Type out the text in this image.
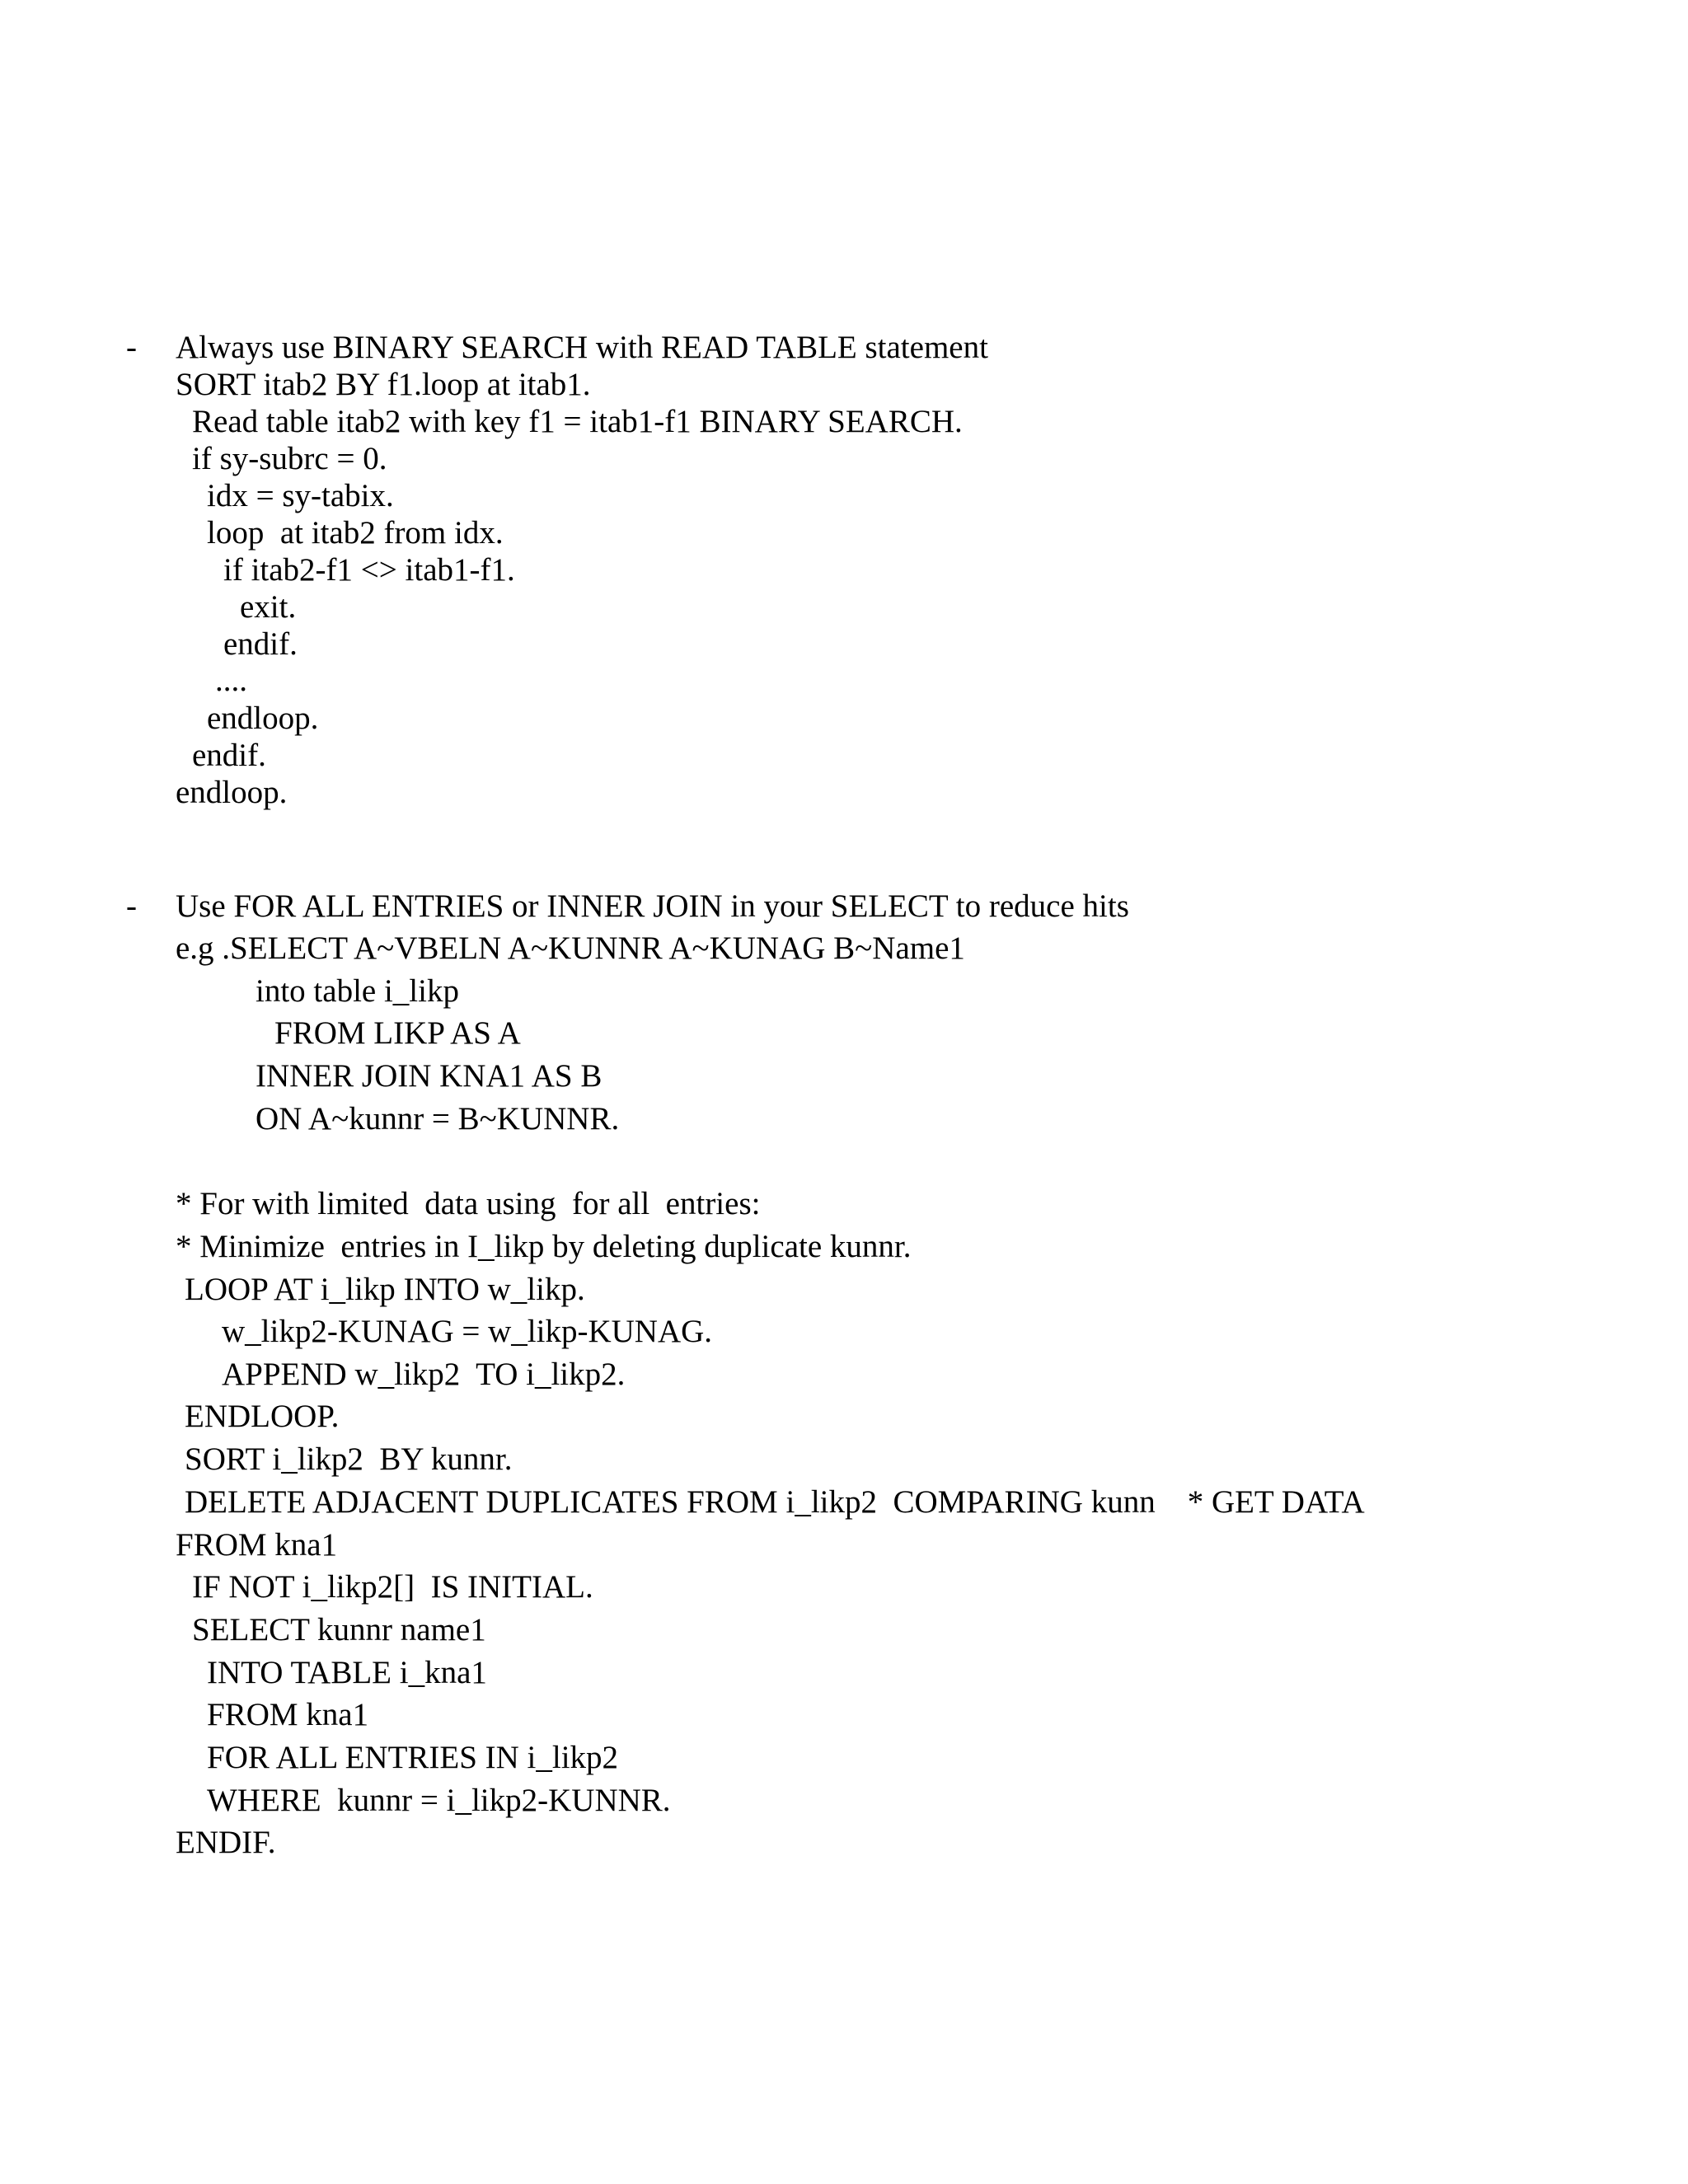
- Always use BINARY SEARCH with READ TABLE statement
SORT itab2 BY f1.loop at itab1.
Read table itab2 with key f1 = itab1-f1 BINARY SEARCH.
if sy-subrc = 0.
idx = sy-tabix.
loop  at itab2 from idx.
if itab2-f1 <> itab1-f1.
exit.
endif.
....
endloop.
endif.
endloop.
- Use FOR ALL ENTRIES or INNER JOIN in your SELECT to reduce hits
e.g .SELECT A~VBELN A~KUNNR A~KUNAG B~Name1
into table i_likp
FROM LIKP AS A
INNER JOIN KNA1 AS B
ON A~kunnr = B~KUNNR.
* For with limited  data using  for all  entries:
* Minimize  entries in I_likp by deleting duplicate kunnr.
LOOP AT i_likp INTO w_likp.
w_likp2-KUNAG = w_likp-KUNAG.
APPEND w_likp2  TO i_likp2.
ENDLOOP.
SORT i_likp2  BY kunnr.
DELETE ADJACENT DUPLICATES FROM i_likp2  COMPARING kunn    * GET DATA
FROM kna1
IF NOT i_likp2[]  IS INITIAL.
SELECT kunnr name1
INTO TABLE i_kna1
FROM kna1
FOR ALL ENTRIES IN i_likp2
WHERE  kunnr = i_likp2-KUNNR.
ENDIF.
